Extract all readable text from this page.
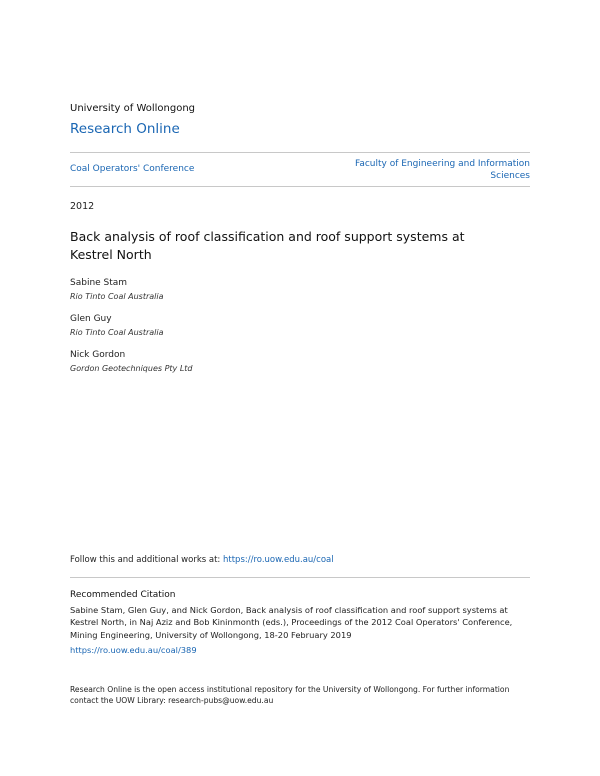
University of Wollongong
Research Online
Coal Operators' Conference	Faculty of Engineering and Information Sciences
2012
Back analysis of roof classification and roof support systems at Kestrel North
Sabine Stam
Rio Tinto Coal Australia
Glen Guy
Rio Tinto Coal Australia
Nick Gordon
Gordon Geotechniques Pty Ltd
Follow this and additional works at: https://ro.uow.edu.au/coal
Recommended Citation
Sabine Stam, Glen Guy, and Nick Gordon, Back analysis of roof classification and roof support systems at Kestrel North, in Naj Aziz and Bob Kininmonth (eds.), Proceedings of the 2012 Coal Operators' Conference, Mining Engineering, University of Wollongong, 18-20 February 2019
https://ro.uow.edu.au/coal/389
Research Online is the open access institutional repository for the University of Wollongong. For further information contact the UOW Library: research-pubs@uow.edu.au
